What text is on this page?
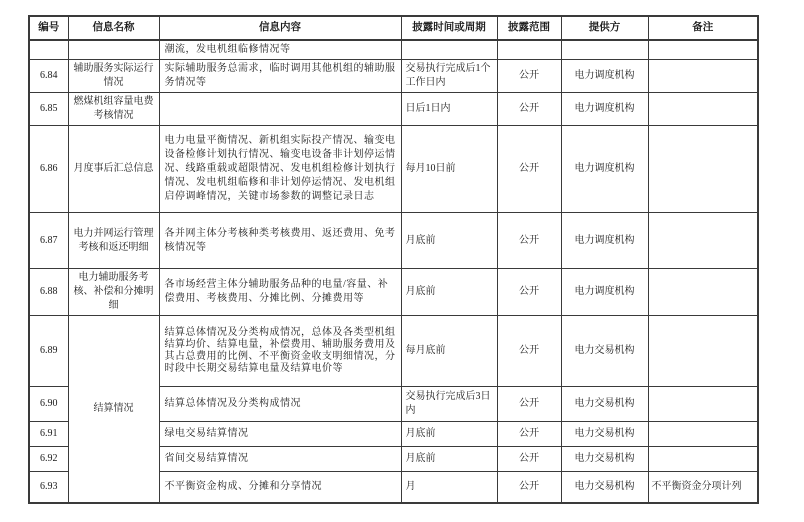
编号	信息名称	信息内容	披露时间或周期	披露范围	提供方	备注
		潮流，发电机组临修情况等				
6.84	辅助服务实际运行情况	实际辅助服务总需求，临时调用其他机组的辅助服务情况等	交易执行完成后1个工作日内	公开	电力调度机构	
6.85	燃煤机组容量电费考核情况		日后1日内	公开	电力调度机构	
6.86	月度事后汇总信息	电力电量平衡情况、新机组实际投产情况、输变电设备检修计划执行情况、输变电设备非计划停运情况、线路重载或超限情况、发电机组检修计划执行情况、发电机组临修和非计划停运情况、发电机组启停调峰情况，关键市场参数的调整记录日志	每月10日前	公开	电力调度机构	
6.87	电力并网运行管理考核和返还明细	各并网主体分考核种类考核费用、返还费用、免考核情况等	月底前	公开	电力调度机构	
6.88	电力辅助服务考核、补偿和分摊明细	各市场经营主体分辅助服务品种的电量/容量、补偿费用、考核费用、分摊比例、分摊费用等	月底前	公开	电力调度机构	
6.89	结算情况	结算总体情况及分类构成情况，总体及各类型机组结算均价、结算电量，补偿费用、辅助服务费用及其占总费用的比例、不平衡资金收支明细情况，分时段中长期交易结算电量及结算电价等	每月底前	公开	电力交易机构	
6.90		结算总体情况及分类构成情况	交易执行完成后3日内	公开	电力交易机构	
6.91		绿电交易结算情况	月底前	公开	电力交易机构	
6.92		省间交易结算情况	月底前	公开	电力交易机构	
6.93		不平衡资金构成、分摊和分享情况	月	公开	电力交易机构	不平衡资金分项计列
